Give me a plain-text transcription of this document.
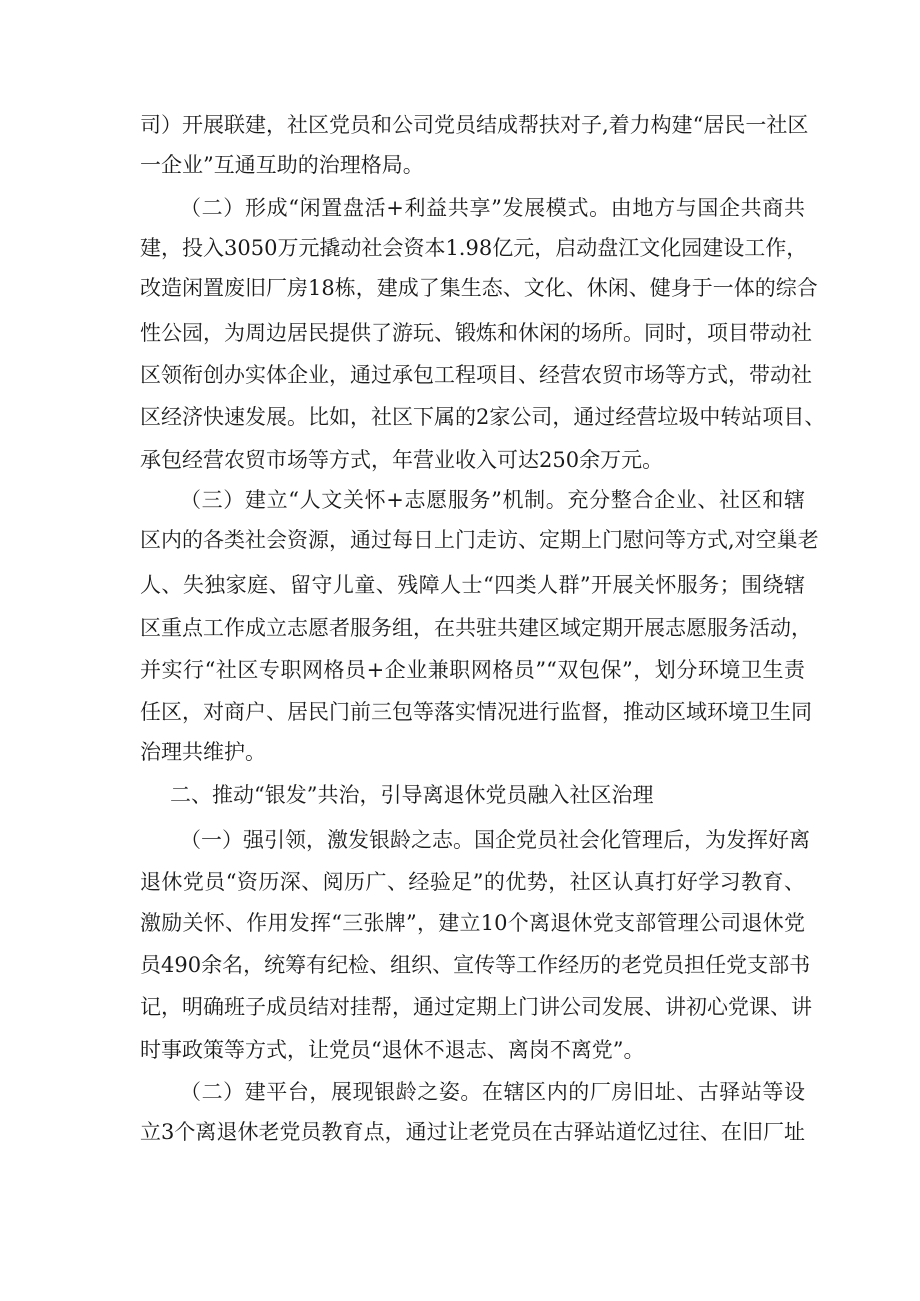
司）开展联建，社区党员和公司党员结成帮扶对子,着力构建“居民一社区
一企业”互通互助的治理格局。
（二）形成“闲置盘活+利益共享”发展模式。由地方与国企共商共
建，投入3050万元撬动社会资本1.98亿元，启动盘江文化园建设工作，
改造闲置废旧厂房18栋，建成了集生态、文化、休闲、健身于一体的综合
性公园，为周边居民提供了游玩、锻炼和休闲的场所。同时，项目带动社
区领衔创办实体企业，通过承包工程项目、经营农贸市场等方式，带动社
区经济快速发展。比如，社区下属的2家公司，通过经营垃圾中转站项目、
承包经营农贸市场等方式，年营业收入可达250余万元。
（三）建立“人文关怀+志愿服务”机制。充分整合企业、社区和辖
区内的各类社会资源，通过每日上门走访、定期上门慰问等方式,对空巢老
人、失独家庭、留守儿童、残障人士“四类人群”开展关怀服务；围绕辖
区重点工作成立志愿者服务组，在共驻共建区域定期开展志愿服务活动，
并实行“社区专职网格员+企业兼职网格员”“双包保”，划分环境卫生责
任区，对商户、居民门前三包等落实情况进行监督，推动区域环境卫生同
治理共维护。
二、推动“银发”共治，引导离退休党员融入社区治理
（一）强引领，激发银龄之志。国企党员社会化管理后，为发挥好离
退休党员“资历深、阅历广、经验足”的优势，社区认真打好学习教育、
激励关怀、作用发挥“三张牌”，建立10个离退休党支部管理公司退休党
员490余名，统筹有纪检、组织、宣传等工作经历的老党员担任党支部书
记，明确班子成员结对挂帮，通过定期上门讲公司发展、讲初心党课、讲
时事政策等方式，让党员“退休不退志、离岗不离党”。
（二）建平台，展现银龄之姿。在辖区内的厂房旧址、古驿站等设
立3个离退休老党员教育点，通过让老党员在古驿站道忆过往、在旧厂址
